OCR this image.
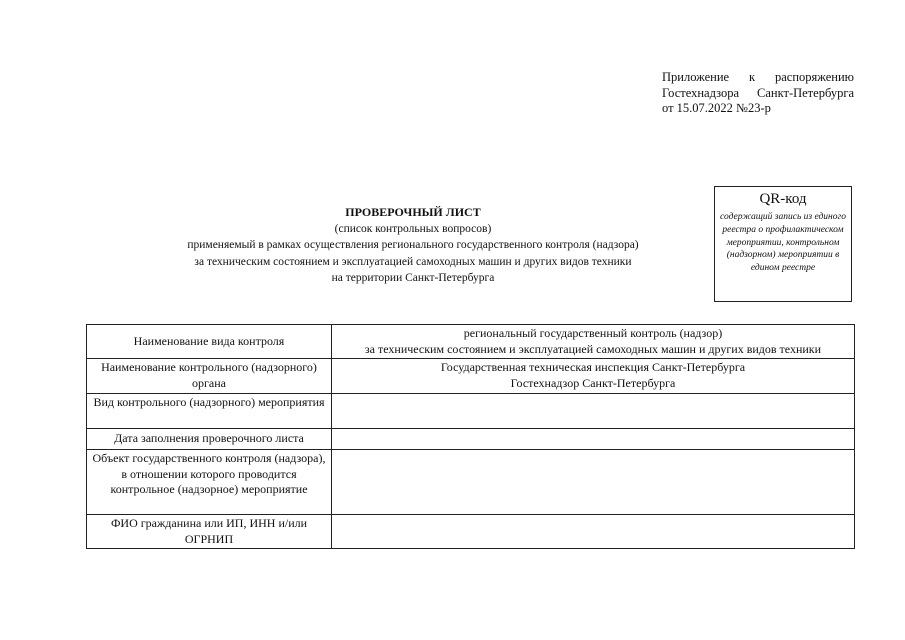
Приложение к распоряжению
Гостехнадзора Санкт-Петербурга
от 15.07.2022 №23-р
ПРОВЕРОЧНЫЙ ЛИСТ
(список контрольных вопросов)
применяемый в рамках осуществления регионального государственного контроля (надзора)
за техническим состоянием и эксплуатацией самоходных машин и других видов техники
на территории Санкт-Петербурга
QR-код
содержащий запись из единого реестра о профилактическом мероприятии, контрольном (надзорном) мероприятии в едином реестре
Наименование вида контроля	региональный государственный контроль (надзор)
за техническим состоянием и эксплуатацией самоходных машин и других видов техники

Наименование контрольного (надзорного) органа	Государственная техническая инспекция Санкт-Петербурга
Гостехнадзор Санкт-Петербурга

Вид контрольного (надзорного) мероприятия	
Дата заполнения проверочного листа	
Объект государственного контроля (надзора), в отношении которого проводится контрольное (надзорное) мероприятие	
ФИО гражданина или ИП, ИНН и/или ОГРНИП	
